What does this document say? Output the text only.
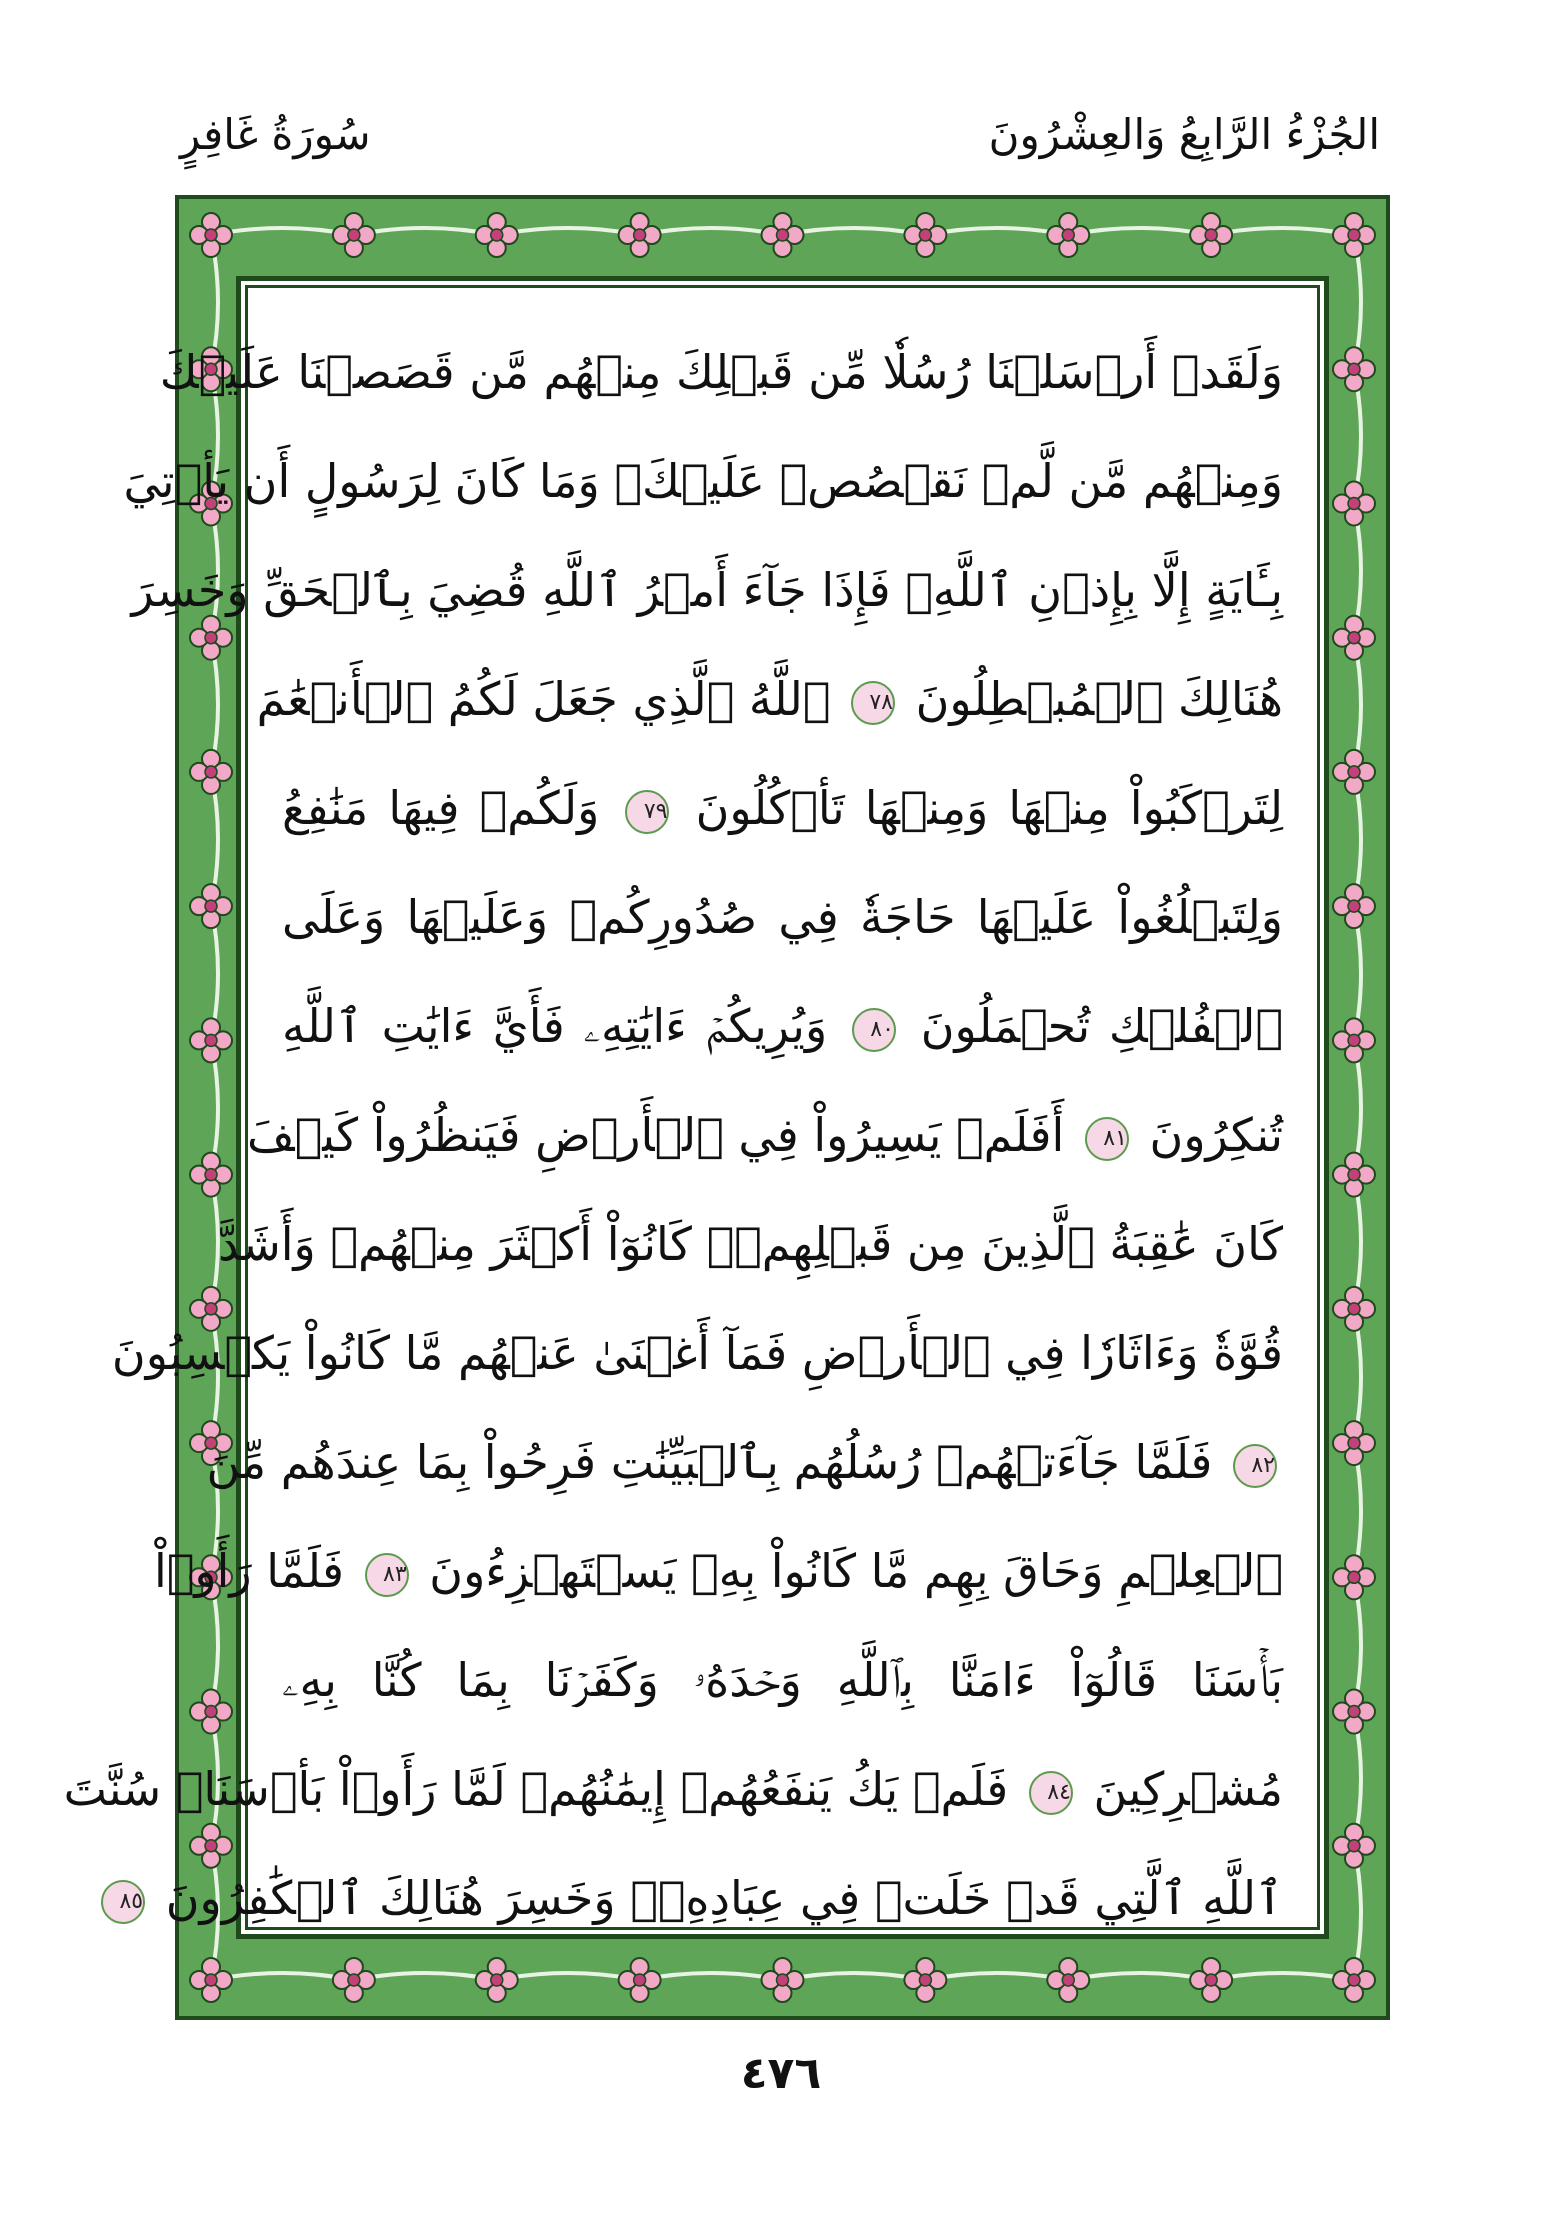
الجُزْءُ الرَّابِعُ وَالعِشْرُونَ
سُورَةُ غَافِرٍ
وَلَقَدۡ أَرۡسَلۡنَا رُسُلٗا مِّن قَبۡلِكَ مِنۡهُم مَّن قَصَصۡنَا عَلَيۡكَ
وَمِنۡهُم مَّن لَّمۡ نَقۡصُصۡ عَلَيۡكَۗ وَمَا كَانَ لِرَسُولٍ أَن يَأۡتِيَ
بِـَٔايَةٍ إِلَّا بِإِذۡنِ ٱللَّهِۚ فَإِذَا جَآءَ أَمۡرُ ٱللَّهِ قُضِيَ بِٱلۡحَقِّ وَخَسِرَ
هُنَالِكَ ٱلۡمُبۡطِلُونَ ٧٨ ٱللَّهُ ٱلَّذِي جَعَلَ لَكُمُ ٱلۡأَنۡعَٰمَ
لِتَرۡكَبُواْ مِنۡهَا وَمِنۡهَا تَأۡكُلُونَ ٧٩ وَلَكُمۡ فِيهَا مَنَٰفِعُ
وَلِتَبۡلُغُواْ عَلَيۡهَا حَاجَةٗ فِي صُدُورِكُمۡ وَعَلَيۡهَا وَعَلَى
ٱلۡفُلۡكِ تُحۡمَلُونَ ٨٠ وَيُرِيكُمۡ ءَايَٰتِهِۦ فَأَيَّ ءَايَٰتِ ٱللَّهِ
تُنكِرُونَ ٨١ أَفَلَمۡ يَسِيرُواْ فِي ٱلۡأَرۡضِ فَيَنظُرُواْ كَيۡفَ
كَانَ عَٰقِبَةُ ٱلَّذِينَ مِن قَبۡلِهِمۡۚ كَانُوٓاْ أَكۡثَرَ مِنۡهُمۡ وَأَشَدَّ
قُوَّةٗ وَءَاثَارٗا فِي ٱلۡأَرۡضِ فَمَآ أَغۡنَىٰ عَنۡهُم مَّا كَانُواْ يَكۡسِبُونَ
٨٢ فَلَمَّا جَآءَتۡهُمۡ رُسُلُهُم بِٱلۡبَيِّنَٰتِ فَرِحُواْ بِمَا عِندَهُم مِّنَ
ٱلۡعِلۡمِ وَحَاقَ بِهِم مَّا كَانُواْ بِهِۦ يَسۡتَهۡزِءُونَ ٨٣ فَلَمَّا رَأَوۡاْ
بَأۡسَنَا قَالُوٓاْ ءَامَنَّا بِٱللَّهِ وَحۡدَهُۥ وَكَفَرۡنَا بِمَا كُنَّا بِهِۦ
مُشۡرِكِينَ ٨٤ فَلَمۡ يَكُ يَنفَعُهُمۡ إِيمَٰنُهُمۡ لَمَّا رَأَوۡاْ بَأۡسَنَاۖ سُنَّتَ
ٱللَّهِ ٱلَّتِي قَدۡ خَلَتۡ فِي عِبَادِهِۦۖ وَخَسِرَ هُنَالِكَ ٱلۡكَٰفِرُونَ ٨٥
٤٧٦
